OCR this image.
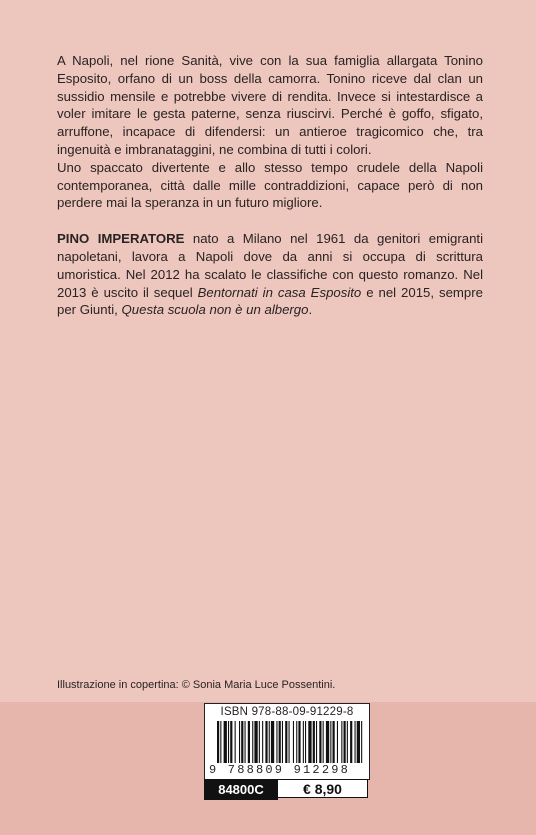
A Napoli, nel rione Sanità, vive con la sua famiglia allargata Tonino Esposito, orfano di un boss della camorra. Tonino riceve dal clan un sussidio mensile e potrebbe vivere di rendita. Invece si intestardisce a voler imitare le gesta paterne, senza riuscirvi. Perché è goffo, sfigato, arruffone, incapace di difendersi: un antieroe tragicomico che, tra ingenuità e imbranataggini, ne combina di tutti i colori.

Uno spaccato divertente e allo stesso tempo crudele della Napoli contemporanea, città dalle mille contraddizioni, capace però di non perdere mai la speranza in un futuro migliore.

PINO IMPERATORE nato a Milano nel 1961 da genitori emigranti napoletani, lavora a Napoli dove da anni si occupa di scrittura umoristica. Nel 2012 ha scalato le classifiche con questo romanzo. Nel 2013 è uscito il sequel Bentornati in casa Esposito e nel 2015, sempre per Giunti, Questa scuola non è un albergo.

Illustrazione in copertina: © Sonia Maria Luce Possentini.
ISBN 978-88-09-91229-8
9 788809 912298
84800C	€ 8,90
